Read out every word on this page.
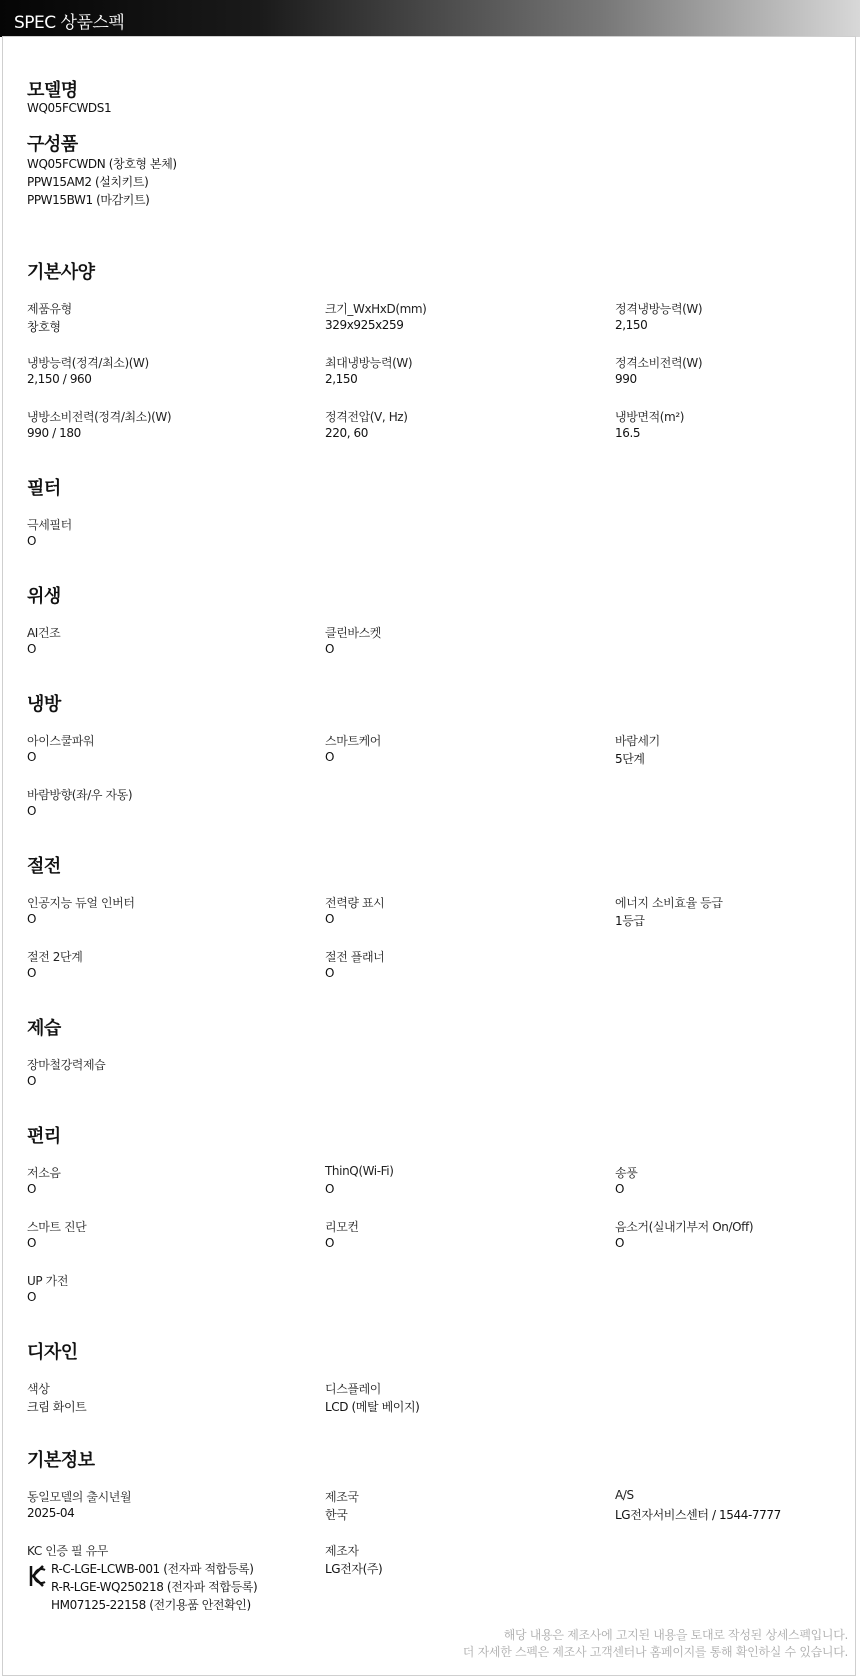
SPEC 상품스펙
모델명
WQ05FCWDS1
구성품
WQ05FCWDN (창호형 본체)
PPW15AM2 (설치키트)
PPW15BW1 (마감키트)
기본사양
제품유형
창호형
크기_WxHxD(mm)
329x925x259
정격냉방능력(W)
2,150
냉방능력(정격/최소)(W)
2,150 / 960
최대냉방능력(W)
2,150
정격소비전력(W)
990
냉방소비전력(정격/최소)(W)
990 / 180
정격전압(V, Hz)
220, 60
냉방면적(m²)
16.5
필터
극세필터
O
위생
AI건조
O
클린바스켓
O
냉방
아이스쿨파워
O
스마트케어
O
바람세기
5단계
바람방향(좌/우 자동)
O
절전
인공지능 듀얼 인버터
O
전력량 표시
O
에너지 소비효율 등급
1등급
절전 2단계
O
절전 플래너
O
제습
장마철강력제습
O
편리
저소음
O
ThinQ(Wi-Fi)
O
송풍
O
스마트 진단
O
리모컨
O
음소거(실내기부저 On/Off)
O
UP 가전
O
디자인
색상
크림 화이트
디스플레이
LCD (메탈 베이지)
기본정보
동일모델의 출시년월
2025-04
제조국
한국
A/S
LG전자서비스센터 / 1544-7777
KC 인증 필 유무
R-C-LGE-LCWB-001 (전자파 적합등록)
R-R-LGE-WQ250218 (전자파 적합등록)
HM07125-22158 (전기용품 안전확인)
제조자
LG전자(주)
해당 내용은 제조사에 고지된 내용을 토대로 작성된 상세스펙입니다.
더 자세한 스펙은 제조사 고객센터나 홈페이지를 통해 확인하실 수 있습니다.
